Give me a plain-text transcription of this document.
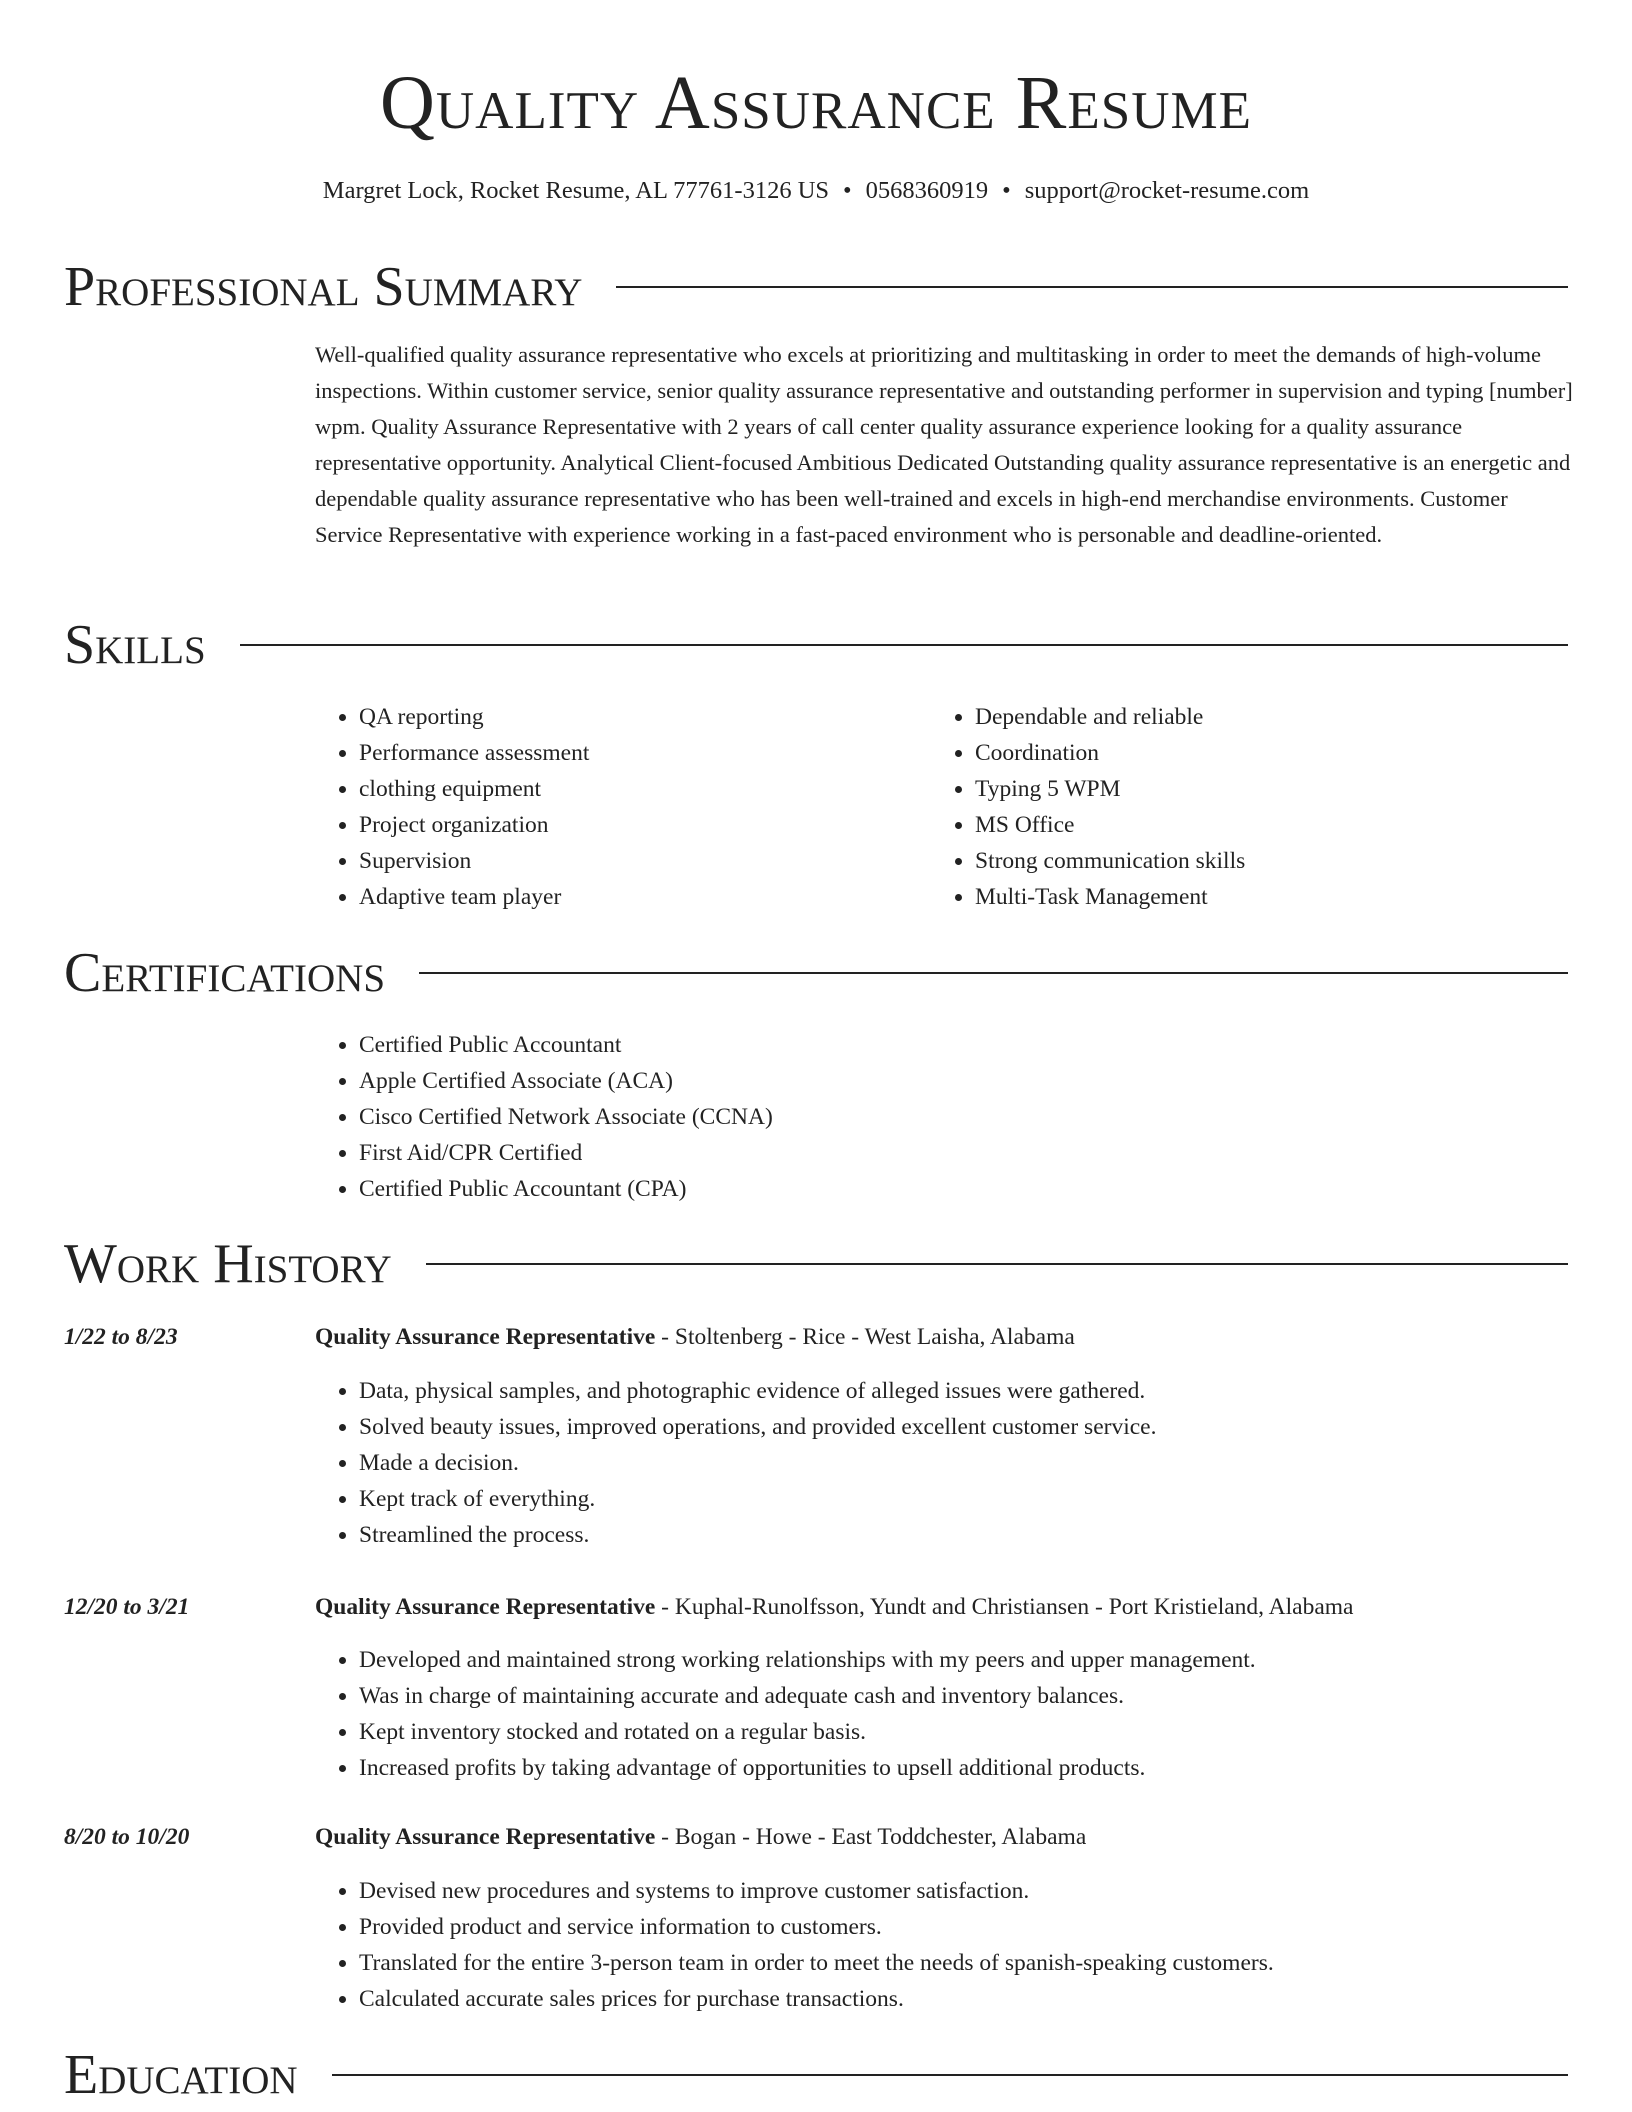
Quality Assurance Resume
Margret Lock, Rocket Resume, AL 77761-3126 US • 0568360919 • support@rocket-resume.com
Professional Summary

Well-qualified quality assurance representative who excels at prioritizing and multitasking in order to meet the demands of high-volume inspections. Within customer service, senior quality assurance representative and outstanding performer in supervision and typing [number] wpm. Quality Assurance Representative with 2 years of call center quality assurance experience looking for a quality assurance representative opportunity. Analytical Client-focused Ambitious Dedicated Outstanding quality assurance representative is an energetic and dependable quality assurance representative who has been well-trained and excels in high-end merchandise environments. Customer Service Representative with experience working in a fast-paced environment who is personable and deadline-oriented.

Skills
• QA reporting
• Performance assessment
• clothing equipment
• Project organization
• Supervision
• Adaptive team player
• Dependable and reliable
• Coordination
• Typing 5 WPM
• MS Office
• Strong communication skills
• Multi-Task Management
Certifications
• Certified Public Accountant
• Apple Certified Associate (ACA)
• Cisco Certified Network Associate (CCNA)
• First Aid/CPR Certified
• Certified Public Accountant (CPA)
Work History
1/22 to 8/23	Quality Assurance Representative - Stoltenberg - Rice - West Laisha, Alabama
• Data, physical samples, and photographic evidence of alleged issues were gathered.
• Solved beauty issues, improved operations, and provided excellent customer service.
• Made a decision.
• Kept track of everything.
• Streamlined the process.
12/20 to 3/21	Quality Assurance Representative - Kuphal-Runolfsson, Yundt and Christiansen - Port Kristieland, Alabama
• Developed and maintained strong working relationships with my peers and upper management.
• Was in charge of maintaining accurate and adequate cash and inventory balances.
• Kept inventory stocked and rotated on a regular basis.
• Increased profits by taking advantage of opportunities to upsell additional products.
8/20 to 10/20	Quality Assurance Representative - Bogan - Howe - East Toddchester, Alabama
• Devised new procedures and systems to improve customer satisfaction.
• Provided product and service information to customers.
• Translated for the entire 3-person team in order to meet the needs of spanish-speaking customers.
• Calculated accurate sales prices for purchase transactions.
Education
